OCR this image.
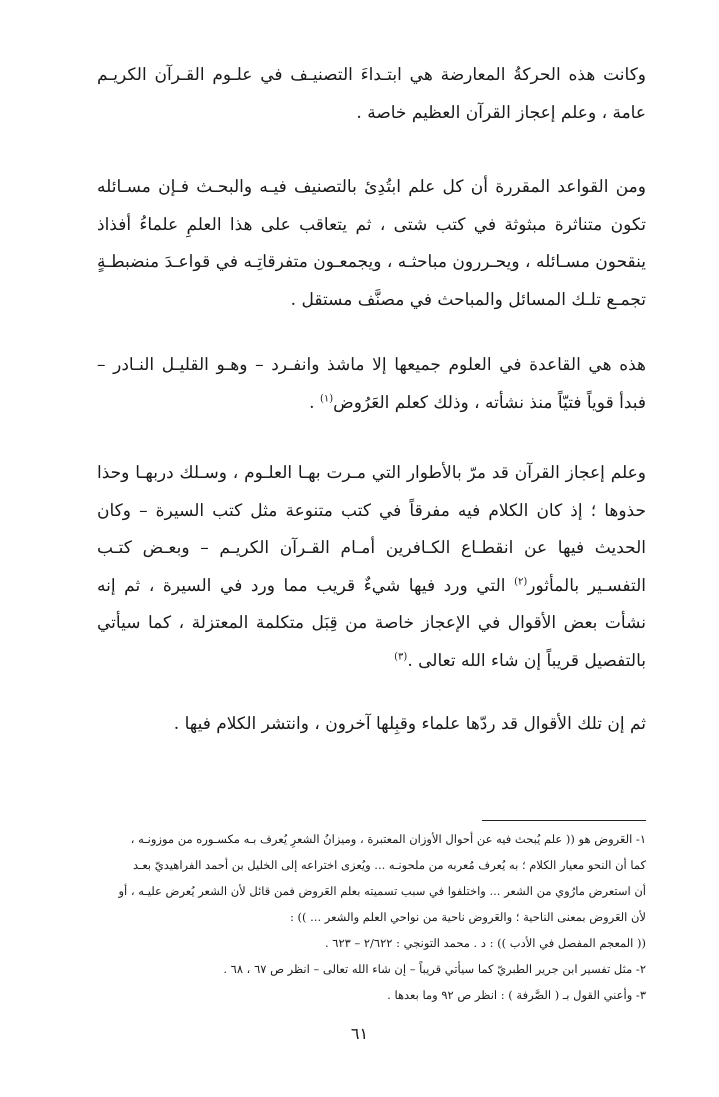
وكانت هذه الحركةُ المعارضة هي ابتـداءَ التصنيـف في علـوم القـرآن الكريـم عامة ، وعلم إعجاز القرآن العظيم خاصة .

ومن القواعد المقررة أن كل علم ابتُدِئ بالتصنيف فيـه والبحـث فـإن مسـائله تكون متناثرة مبثوثة في كتب شتى ، ثم يتعاقب على هذا العلمِ علماءُ أفذاذ ينقحون مسـائله ، ويحـررون مباحثـه ، ويجمعـون متفرقاتِـه في قواعـدَ منضبطـةٍ تجمـع تلـك المسائل والمباحث في مصنَّف مستقل .

هذه هي القاعدة في العلوم جميعها إلا ماشذ وانفـرد – وهـو القليـل النـادر – فبدأ قوياً فتيّاً منذ نشأته ، وذلك كعلم العَرُوض$^{(١)}$ .

وعلم إعجاز القرآن قد مرّ بالأطوار التي مـرت بهـا العلـوم ، وسـلك دربهـا وحذا حذوها ؛ إذ كان الكلام فيه مفرقاً في كتب متنوعة مثل كتب السيرة – وكان الحديث فيها عن انقطـاع الكـافرين أمـام القـرآن الكريـم – وبعـض كتـب التفسـير بالمأثور$^{(٢)}$ التي ورد فيها شيءٌ قريب مما ورد في السيرة ، ثم إنه نشأت بعض الأقوال في الإعجاز خاصة من قِبَل متكلمة المعتزلة ، كما سيأتي بالتفصيل قريباً إن شاء الله تعالى .$^{(٣)}$

ثم إن تلك الأقوال قد ردّها علماء وقبِلها آخرون ، وانتشر الكلام فيها .

١- العَروض هو (( علم يُبحث فيه عن أحوال الأوزان المعتبرة ، وميزانُ الشعرِ يُعرف بـه مكسـوره من موزونـه ،

كما أن النحو معيار الكلام ؛ به يُعرف مُعربه من ملحونـه ... ويُعزى اختراعه إلى الخليل بن أحمد الفراهيديّ بعـد

أن استعرض مارُوي من الشعر ... واختلفوا في سبب تسميته بعلم العَروض فمن قائل لأن الشعر يُعرض عليـه ، أو

لأن العَروض بمعنى الناحية ؛ والعَروض ناحية من نواحي العلم والشعر ... )) :

(( المعجم المفصل في الأدب )) : د . محمد التونجي : ٢/٦٢٢ – ٦٢٣ .

٢- مثل تفسير ابن جرير الطبريّ كما سيأتي قريباً – إن شاء الله تعالى – انظر ص ٦٧ ، ٦٨ .

٣- وأعني القول بـ ( الصَّرفة ) : انظر ص ٩٢ وما بعدها .

٦١
